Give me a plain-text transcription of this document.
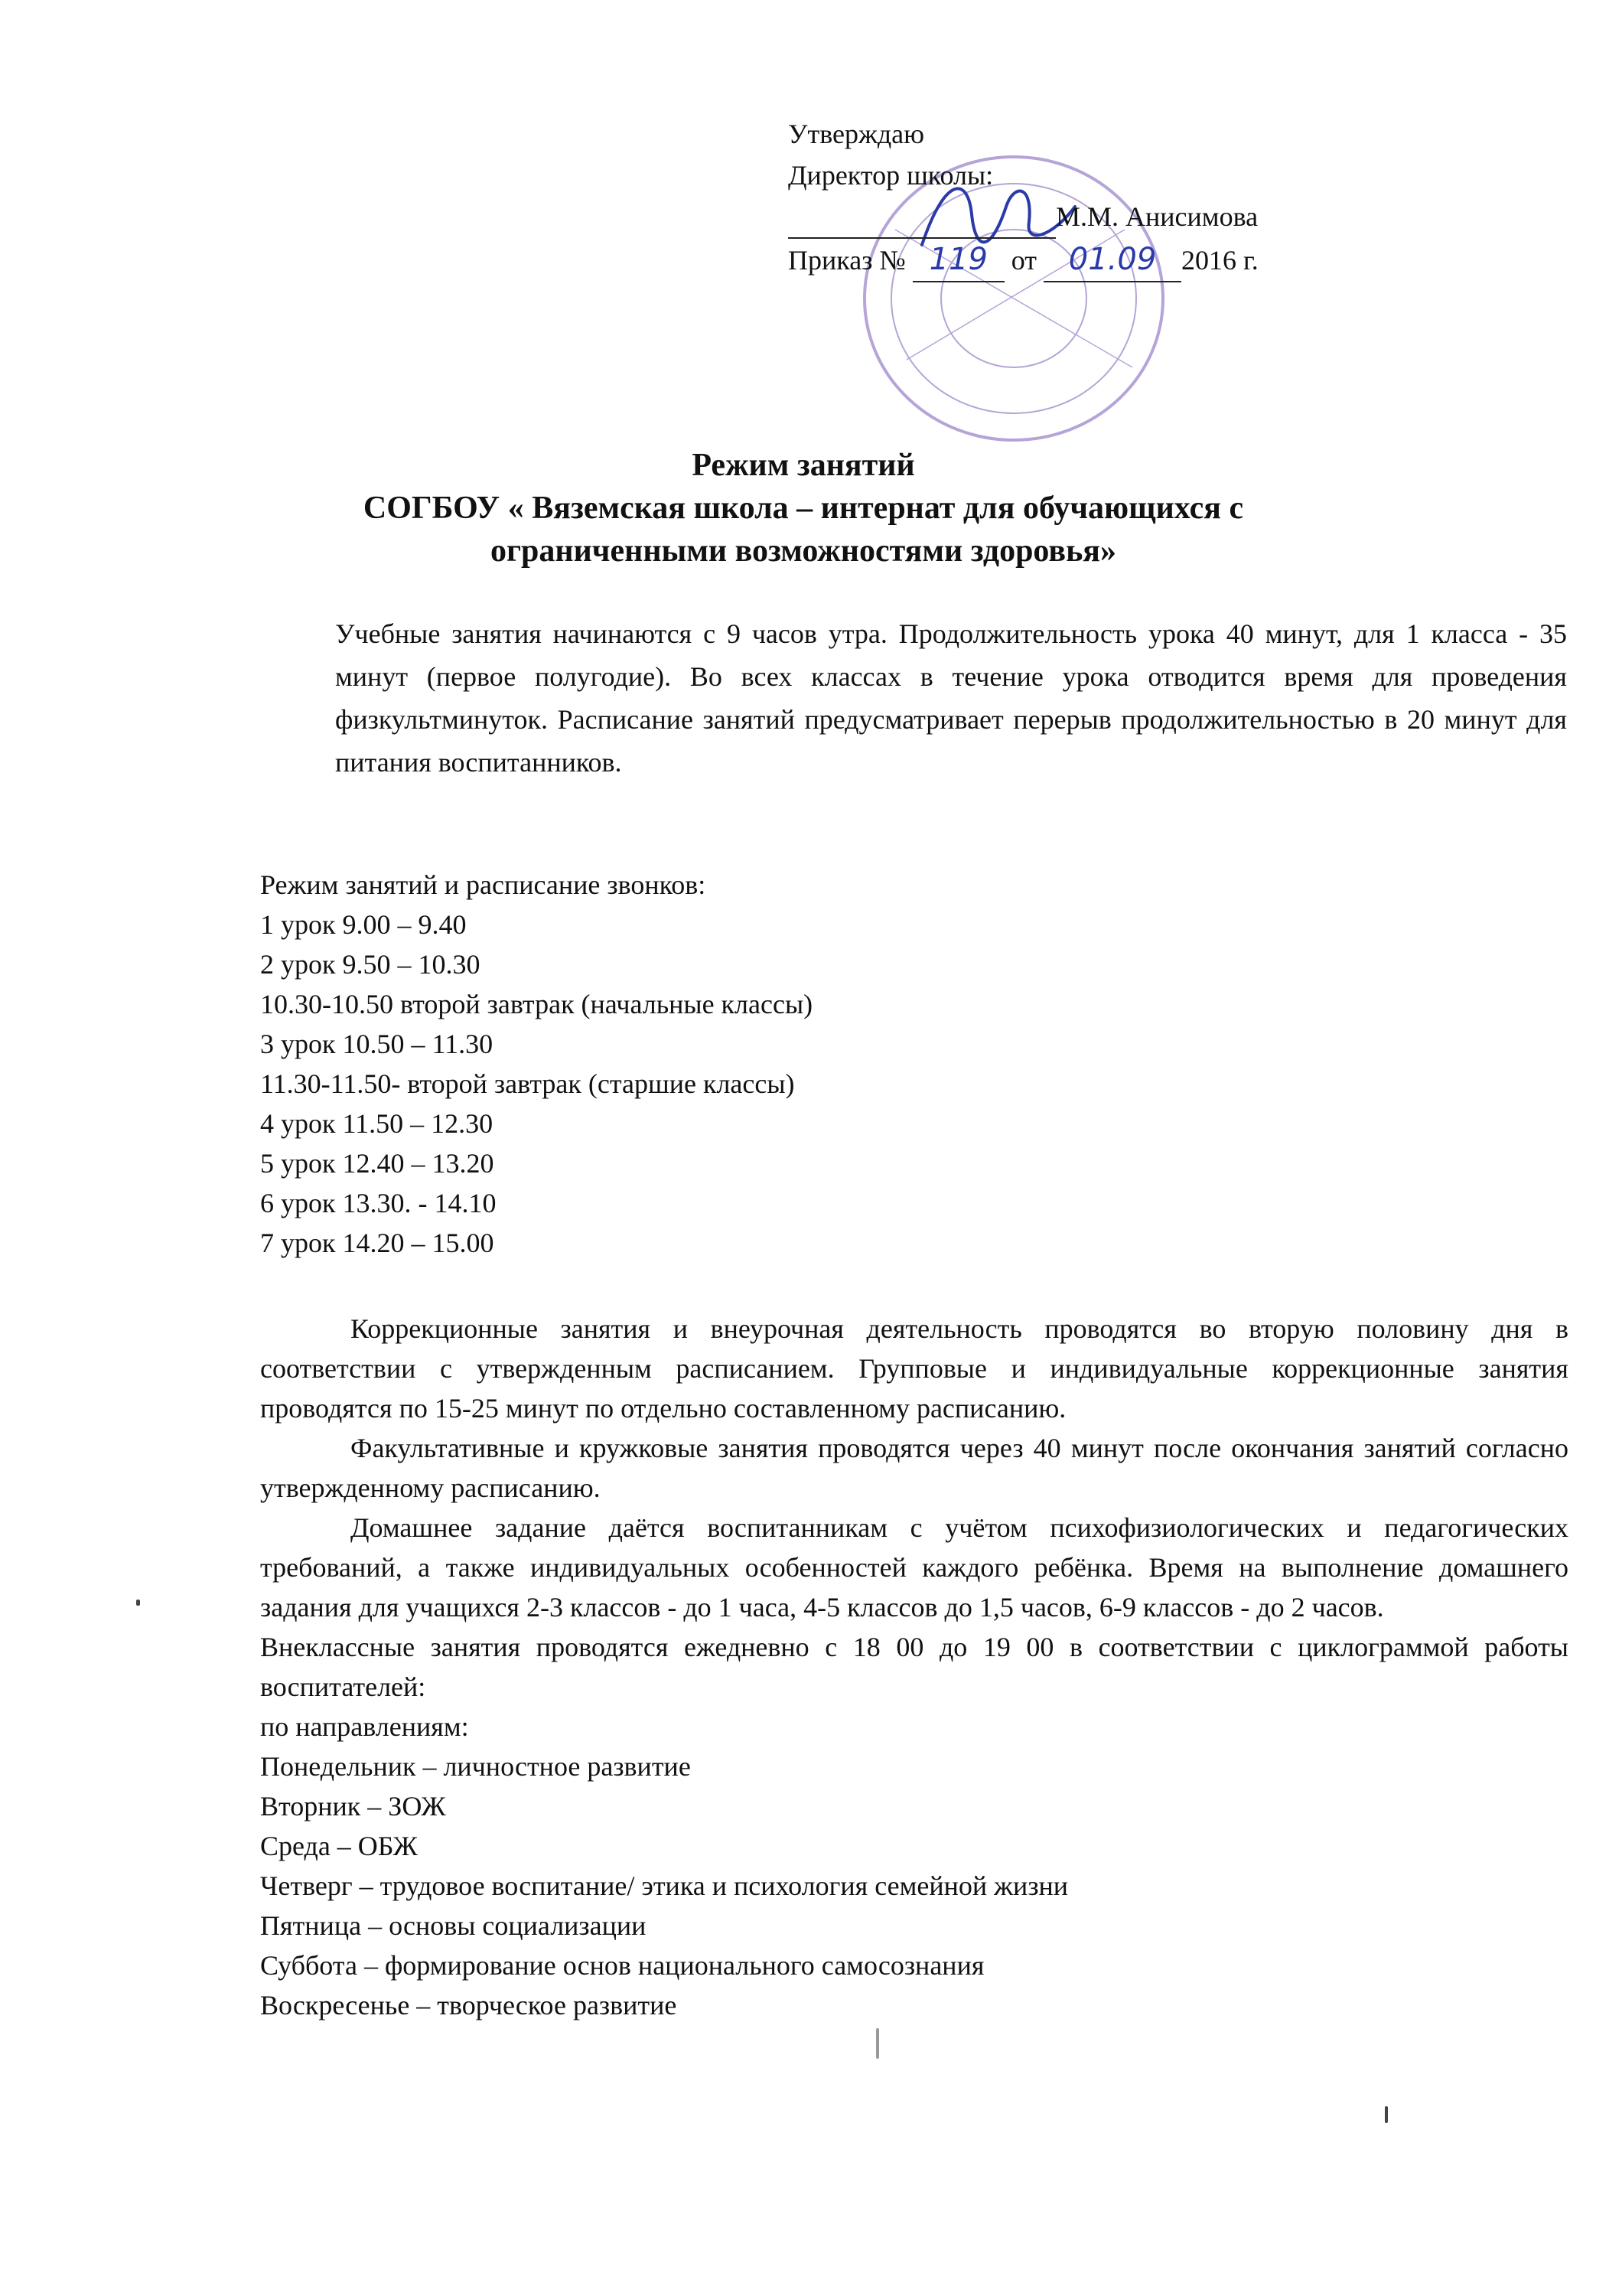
Утверждаю
Директор школы:
М.М. Анисимова
Приказ № 119 от 01.09 2016 г.
Режим занятий
СОГБОУ « Вяземская школа – интернат для обучающихся с
ограниченными возможностями здоровья»
Учебные занятия начинаются с 9 часов утра. Продолжительность урока 40 минут, для 1 класса - 35 минут (первое полугодие). Во всех классах в течение урока отводится время для проведения физкультминуток. Расписание занятий предусматривает перерыв продолжительностью в 20 минут для питания воспитанников.
Режим занятий и расписание звонков:
1 урок 9.00 – 9.40
2 урок 9.50 – 10.30
10.30-10.50 второй завтрак (начальные классы)
3 урок 10.50 – 11.30
11.30-11.50- второй завтрак (старшие классы)
4 урок 11.50 – 12.30
5 урок 12.40 – 13.20
6 урок 13.30. - 14.10
7 урок 14.20 – 15.00

Коррекционные занятия и внеурочная деятельность проводятся во вторую половину дня в соответствии с утвержденным расписанием. Групповые и индивидуальные коррекционные занятия проводятся по 15-25 минут по отдельно составленному расписанию.

Факультативные и кружковые занятия проводятся через 40 минут после окончания занятий согласно утвержденному расписанию.

Домашнее задание даётся воспитанникам с учётом психофизиологических и педагогических требований, а также индивидуальных особенностей каждого ребёнка. Время на выполнение домашнего задания для учащихся 2-3 классов - до 1 часа, 4-5 классов до 1,5 часов, 6-9 классов - до 2 часов.

Внеклассные занятия проводятся ежедневно с 18 00 до 19 00 в соответствии с циклограммой работы воспитателей:

по направлениям:

Понедельник – личностное развитие
Вторник – ЗОЖ
Среда – ОБЖ
Четверг – трудовое воспитание/ этика и психология семейной жизни
Пятница – основы социализации
Суббота – формирование основ национального самосознания
Воскресенье – творческое развитие
